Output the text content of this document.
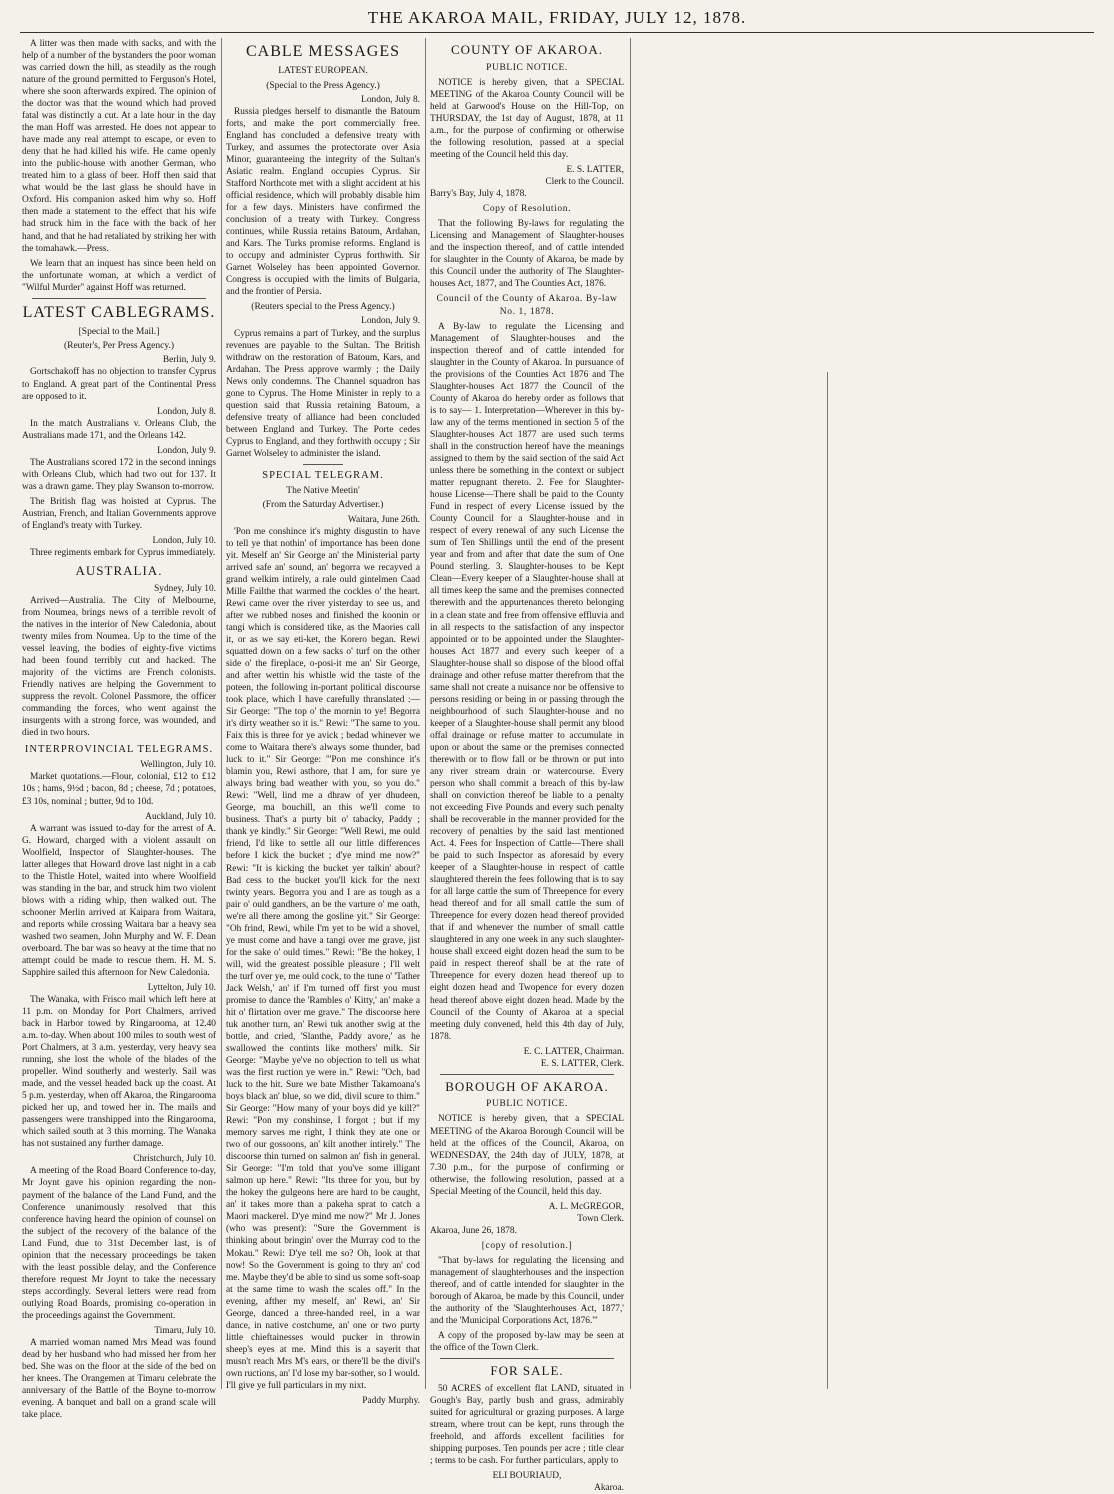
THE AKAROA MAIL, FRIDAY, JULY 12, 1878.

A litter was then made with sacks, and with the help of a number of the bystanders the poor woman was carried down the hill, as steadily as the rough nature of the ground permitted to Ferguson's Hotel, where she soon afterwards expired. The opinion of the doctor was that the wound which had proved fatal was distinctly a cut. At a late hour in the day the man Hoff was arrested. He does not appear to have made any real attempt to escape, or even to deny that he had killed his wife. He came openly into the public-house with another German, who treated him to a glass of beer. Hoff then said that what would be the last glass he should have in Oxford. His companion asked him why so. Hoff then made a statement to the effect that his wife had struck him in the face with the back of her hand, and that he had retaliated by striking her with the tomahawk.—Press.

We learn that an inquest has since been held on the unfortunate woman, at which a verdict of "Wilful Murder" against Hoff was returned.

LATEST CABLEGRAMS.
[Special to the Mail.]
(Reuter's, Per Press Agency.)
Berlin, July 9.

Gortschakoff has no objection to transfer Cyprus to England. A great part of the Continental Press are opposed to it.

London, July 8.

In the match Australians v. Orleans Club, the Australians made 171, and the Orleans 142.

London, July 9.

The Australians scored 172 in the second innings with Orleans Club, which had two out for 137. It was a drawn game. They play Swanson to-morrow.

The British flag was hoisted at Cyprus. The Austrian, French, and Italian Governments approve of England's treaty with Turkey.

London, July 10.

Three regiments embark for Cyprus immediately.

AUSTRALIA.
Sydney, July 10.

Arrived—Australia. The City of Melbourne, from Noumea, brings news of a terrible revolt of the natives in the interior of New Caledonia, about twenty miles from Noumea. Up to the time of the vessel leaving, the bodies of eighty-five victims had been found terribly cut and hacked. The majority of the victims are French colonists. Friendly natives are helping the Government to suppress the revolt. Colonel Passmore, the officer commanding the forces, who went against the insurgents with a strong force, was wounded, and died in two hours.

INTERPROVINCIAL TELEGRAMS.
Wellington, July 10.

Market quotations.—Flour, colonial, £12 to £12 10s ; hams, 9½d ; bacon, 8d ; cheese, 7d ; potatoes, £3 10s, nominal ; butter, 9d to 10d.

Auckland, July 10.

A warrant was issued to-day for the arrest of A. G. Howard, charged with a violent assault on Woolfield, Inspector of Slaughter-houses. The latter alleges that Howard drove last night in a cab to the Thistle Hotel, waited into where Woolfield was standing in the bar, and struck him two violent blows with a riding whip, then walked out. The schooner Merlin arrived at Kaipara from Waitara, and reports while crossing Waitara bar a heavy sea washed two seamen, John Murphy and W. F. Dean overboard. The bar was so heavy at the time that no attempt could be made to rescue them. H. M. S. Sapphire sailed this afternoon for New Caledonia.

Lyttelton, July 10.

The Wanaka, with Frisco mail which left here at 11 p.m. on Monday for Port Chalmers, arrived back in Harbor towed by Ringarooma, at 12.40 a.m. to-day. When about 100 miles to south west of Port Chalmers, at 3 a.m. yesterday, very heavy sea running, she lost the whole of the blades of the propeller. Wind southerly and westerly. Sail was made, and the vessel headed back up the coast. At 5 p.m. yesterday, when off Akaroa, the Ringarooma picked her up, and towed her in. The mails and passengers were transhipped into the Ringarooma, which sailed south at 3 this morning. The Wanaka has not sustained any further damage.

Christchurch, July 10.

A meeting of the Road Board Conference to-day, Mr Joynt gave his opinion regarding the non-payment of the balance of the Land Fund, and the Conference unanimously resolved that this conference having heard the opinion of counsel on the subject of the recovery of the balance of the Land Fund, due to 31st December last, is of opinion that the necessary proceedings be taken with the least possible delay, and the Conference therefore request Mr Joynt to take the necessary steps accordingly. Several letters were read from outlying Road Boards, promising co-operation in the proceedings against the Government.

Timaru, July 10.

A married woman named Mrs Mead was found dead by her husband who had missed her from her bed. She was on the floor at the side of the bed on her knees. The Orangemen at Timaru celebrate the anniversary of the Battle of the Boyne to-morrow evening. A banquet and ball on a grand scale will take place.

CABLE MESSAGES
LATEST EUROPEAN.
(Special to the Press Agency.)
London, July 8.

Russia pledges herself to dismantle the Batoum forts, and make the port commercially free. England has concluded a defensive treaty with Turkey, and assumes the protectorate over Asia Minor, guaranteeing the integrity of the Sultan's Asiatic realm. England occupies Cyprus. Sir Stafford Northcote met with a slight accident at his official residence, which will probably disable him for a few days. Ministers have confirmed the conclusion of a treaty with Turkey. Congress continues, while Russia retains Batoum, Ardahan, and Kars. The Turks promise reforms. England is to occupy and administer Cyprus forthwith. Sir Garnet Wolseley has been appointed Governor. Congress is occupied with the limits of Bulgaria, and the frontier of Persia.

(Reuters special to the Press Agency.)
London, July 9.

Cyprus remains a part of Turkey, and the surplus revenues are payable to the Sultan. The British withdraw on the restoration of Batoum, Kars, and Ardahan. The Press approve warmly ; the Daily News only condemns. The Channel squadron has gone to Cyprus. The Home Minister in reply to a question said that Russia retaining Batoum, a defensive treaty of alliance had been concluded between England and Turkey. The Porte cedes Cyprus to England, and they forthwith occupy ; Sir Garnet Wolseley to administer the island.

SPECIAL TELEGRAM.
The Native Meetin'
(From the Saturday Advertiser.)
Waitara, June 26th.

'Pon me conshince it's mighty disgustin to have to tell ye that nothin' of importance has been done yit. Meself an' Sir George an' the Ministerial party arrived safe an' sound, an' begorra we recayved a grand welkim intirely, a rale ould gintelmen Caad Mille Failthe that warmed the cockles o' the heart. Rewi came over the river yisterday to see us, and after we rubbed noses and finished the koonin or tangi which is considered tike, as the Maories call it, or as we say eti-ket, the Korero began. Rewi squatted down on a few sacks o' turf on the other side o' the fireplace, o-posi-it me an' Sir George, and after wettin his whistle wid the taste of the poteen, the following in-portant political discourse took place, which I have carefully thranslated :— Sir George: "The top o' the mornin to ye! Begorra it's dirty weather so it is." Rewi: "The same to you. Faix this is three for ye avick ; bedad whinever we come to Waitara there's always some thunder, bad luck to it." Sir George: "'Pon me conshince it's blamin you, Rewi asthore, that I am, for sure ye always bring bad weather with you, so you do." Rewi: "Well, lind me a dhraw of yer dhudeen, George, ma bouchill, an this we'll come to business. That's a purty bit o' tabacky, Paddy ; thank ye kindly." Sir George: "Well Rewi, me ould friend, I'd like to settle all our little differences before I kick the bucket ; d'ye mind me now?" Rewi: "It is kicking the bucket yer talkin' about? Bad cess to the bucket you'll kick for the next twinty years. Begorra you and I are as tough as a pair o' ould gandhers, an be the varture o' me oath, we're all there among the gosline yit." Sir George: "Oh frind, Rewi, while I'm yet to be wid a shovel, ye must come and have a tangi over me grave, jist for the sake o' ould times." Rewi: "Be the hokey, I will, wid the greatest possible pleasure ; I'll welt the turf over ye, me ould cock, to the tune o' 'Tather Jack Welsh,' an' if I'm turned off first you must promise to dance the 'Rambles o' Kitty,' an' make a hit o' flirtation over me grave." The discoorse here tuk another turn, an' Rewi tuk another swig at the bottle, and cried, 'Slanthe, Paddy avore,' as he swallowed the contints like mothers' milk. Sir George: "Maybe ye've no objection to tell us what was the first ruction ye were in." Rewi: "Och, bad luck to the hit. Sure we bate Misther Takamoana's boys black an' blue, so we did, divil scure to thim." Sir George: "How many of your boys did ye kill?" Rewi: "Pon my conshinse, I forgot ; but if my memory sarves me right, I think they ate one or two of our gossoons, an' kilt another intirely." The discoorse thin turned on salmon an' fish in general. Sir George: "I'm told that you've some illigant salmon up here." Rewi: "Its three for you, but by the hokey the gulgeons here are hard to be caught, an' it takes more than a pakeha sprat to catch a Maori mackerel. D'ye mind me now?" Mr J. Jones (who was present): "Sure the Government is thinking about bringin' over the Murray cod to the Mokau." Rewi: D'ye tell me so? Oh, look at that now! So the Government is going to thry an' cod me. Maybe they'd be able to sind us some soft-soap at the same time to wash the scales off." In the evening, afther my meself, an' Rewi, an' Sir George, danced a three-handed reel, in a war dance, in native costchume, an' one or two purty little chieftainesses would pucker in throwin sheep's eyes at me. Mind this is a sayerit that musn't reach Mrs M's ears, or there'll be the divil's own ructions, an' I'd lose my bar-sother, so I would. I'll give ye full particulars in my nixt.

Paddy Murphy.
COUNTY OF AKAROA.
PUBLIC NOTICE.

NOTICE is hereby given, that a SPECIAL MEETING of the Akaroa County Council will be held at Garwood's House on the Hill-Top, on THURSDAY, the 1st day of August, 1878, at 11 a.m., for the purpose of confirming or otherwise the following resolution, passed at a special meeting of the Council held this day.

E. S. LATTER,
Clerk to the Council.
Barry's Bay, July 4, 1878.
Copy of Resolution.

That the following By-laws for regulating the Licensing and Management of Slaughter-houses and the inspection thereof, and of cattle intended for slaughter in the County of Akaroa, be made by this Council under the authority of The Slaughter-houses Act, 1877, and The Counties Act, 1876.

Council of the County of Akaroa. By-law No. 1, 1878.

A By-law to regulate the Licensing and Management of Slaughter-houses and the inspection thereof and of cattle intended for slaughter in the County of Akaroa. In pursuance of the provisions of the Counties Act 1876 and The Slaughter-houses Act 1877 the Council of the County of Akaroa do hereby order as follows that is to say— 1. Interpretation—Wherever in this by-law any of the terms mentioned in section 5 of the Slaughter-houses Act 1877 are used such terms shall in the construction hereof have the meanings assigned to them by the said section of the said Act unless there be something in the context or subject matter repugnant thereto. 2. Fee for Slaughter-house License—There shall be paid to the County Fund in respect of every License issued by the County Council for a Slaughter-house and in respect of every renewal of any such License the sum of Ten Shillings until the end of the present year and from and after that date the sum of One Pound sterling. 3. Slaughter-houses to be Kept Clean—Every keeper of a Slaughter-house shall at all times keep the same and the premises connected therewith and the appurtenances thereto belonging in a clean state and free from offensive effluvia and in all respects to the satisfaction of any inspector appointed or to be appointed under the Slaughter-houses Act 1877 and every such keeper of a Slaughter-house shall so dispose of the blood offal drainage and other refuse matter therefrom that the same shall not create a nuisance nor be offensive to persons residing or being in or passing through the neighbourhood of such Slaughter-house and no keeper of a Slaughter-house shall permit any blood offal drainage or refuse matter to accumulate in upon or about the same or the premises connected therewith or to flow fall or be thrown or put into any river stream drain or watercourse. Every person who shall commit a breach of this by-law shall on conviction thereof be liable to a penalty not exceeding Five Pounds and every such penalty shall be recoverable in the manner provided for the recovery of penalties by the said last mentioned Act. 4. Fees for Inspection of Cattle—There shall be paid to such Inspector as aforesaid by every keeper of a Slaughter-house in respect of cattle slaughtered therein the fees following that is to say for all large cattle the sum of Threepence for every head thereof and for all small cattle the sum of Threepence for every dozen head thereof provided that if and whenever the number of small cattle slaughtered in any one week in any such slaughter-house shall exceed eight dozen head the sum to be paid in respect thereof shall be at the rate of Threepence for every dozen head thereof up to eight dozen head and Twopence for every dozen head thereof above eight dozen head. Made by the Council of the County of Akaroa at a special meeting duly convened, held this 4th day of July, 1878.

E. C. LATTER, Chairman.
E. S. LATTER, Clerk.
BOROUGH OF AKAROA.
PUBLIC NOTICE.

NOTICE is hereby given, that a SPECIAL MEETING of the Akaroa Borough Council will be held at the offices of the Council, Akaroa, on WEDNESDAY, the 24th day of JULY, 1878, at 7.30 p.m., for the purpose of confirming or otherwise, the following resolution, passed at a Special Meeting of the Council, held this day.

A. L. McGREGOR,
Town Clerk.
Akaroa, June 26, 1878.
[copy of resolution.]

"That by-laws for regulating the licensing and management of slaughterhouses and the inspection thereof, and of cattle intended for slaughter in the borough of Akaroa, be made by this Council, under the authority of the 'Slaughterhouses Act, 1877,' and the 'Municipal Corporations Act, 1876.'"

A copy of the proposed by-law may be seen at the office of the Town Clerk.

FOR SALE.

50 ACRES of excellent flat LAND, situated in Gough's Bay, partly bush and grass, admirably suited for agricultural or grazing purposes. A large stream, where trout can be kept, runs through the freehold, and affords excellent facilities for shipping purposes. Ten pounds per acre ; title clear ; terms to be cash. For further particulars, apply to

ELI BOURIAUD,
Akaroa.
